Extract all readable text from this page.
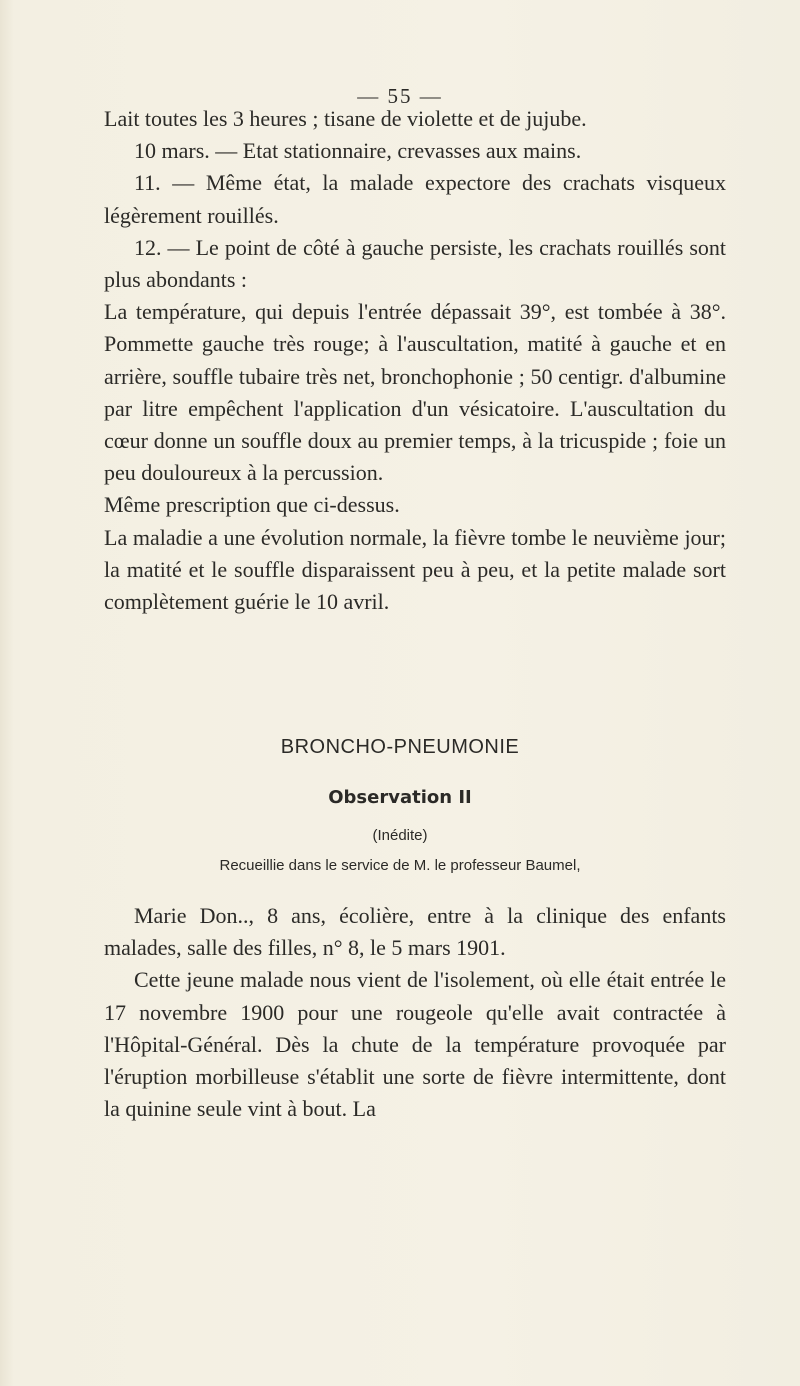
— 55 —

Lait toutes les 3 heures ; tisane de violette et de jujube.

10 mars. — Etat stationnaire, crevasses aux mains.

11. — Même état, la malade expectore des crachats visqueux légèrement rouillés.

12. — Le point de côté à gauche persiste, les crachats rouillés sont plus abondants :

La température, qui depuis l'entrée dépassait 39°, est tombée à 38°. Pommette gauche très rouge; à l'auscultation, matité à gauche et en arrière, souffle tubaire très net, bronchophonie ; 50 centigr. d'albumine par litre empêchent l'application d'un vésicatoire. L'auscultation du cœur donne un souffle doux au premier temps, à la tricuspide ; foie un peu douloureux à la percussion.

Même prescription que ci-dessus.

La maladie a une évolution normale, la fièvre tombe le neuvième jour; la matité et le souffle disparaissent peu à peu, et la petite malade sort complètement guérie le 10 avril.

BRONCHO-PNEUMONIE
Observation II
(Inédite)
Recueillie dans le service de M. le professeur Baumel,

Marie Don.., 8 ans, écolière, entre à la clinique des enfants malades, salle des filles, n° 8, le 5 mars 1901.

Cette jeune malade nous vient de l'isolement, où elle était entrée le 17 novembre 1900 pour une rougeole qu'elle avait contractée à l'Hôpital-Général. Dès la chute de la température provoquée par l'éruption morbilleuse s'établit une sorte de fièvre intermittente, dont la quinine seule vint à bout. La
